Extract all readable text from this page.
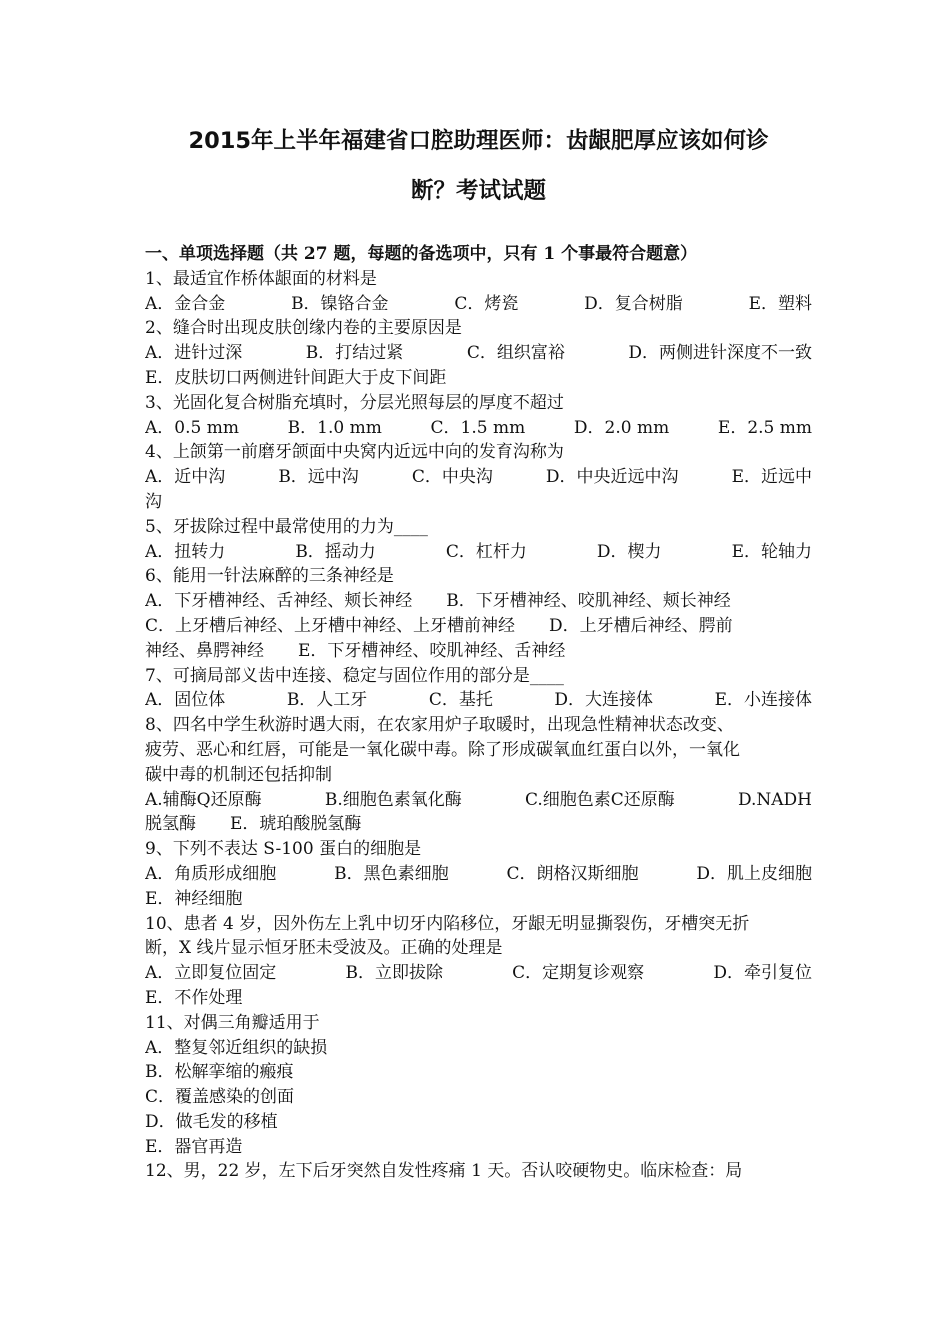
2015年上半年福建省口腔助理医师：齿龈肥厚应该如何诊
断？考试试题
一、单项选择题（共 27 题，每题的备选项中，只有 1 个事最符合题意）
1、最适宜作桥体龈面的材料是
A．金合金	B．镍铬合金	C．烤瓷	D．复合树脂	E．塑料
2、缝合时出现皮肤创缘内卷的主要原因是
A．进针过深	B．打结过紧	C．组织富裕	D．两侧进针深度不一致
E．皮肤切口两侧进针间距大于皮下间距
3、光固化复合树脂充填时，分层光照每层的厚度不超过
A．0.5 mm	B．1.0 mm	C．1.5 mm	D．2.0 mm	E．2.5 mm
4、上颌第一前磨牙颌面中央窝内近远中向的发育沟称为
A．近中沟	B．远中沟	C．中央沟	D．中央近远中沟	E．近远中
沟
5、牙拔除过程中最常使用的力为____
A．扭转力	B．摇动力	C．杠杆力	D．楔力	E．轮轴力
6、能用一针法麻醉的三条神经是
A．下牙槽神经、舌神经、颊长神经 B．下牙槽神经、咬肌神经、颊长神经
C．上牙槽后神经、上牙槽中神经、上牙槽前神经 D．上牙槽后神经、腭前
神经、鼻腭神经 E．下牙槽神经、咬肌神经、舌神经
7、可摘局部义齿中连接、稳定与固位作用的部分是____
A．固位体	B．人工牙	C．基托	D．大连接体	E．小连接体
8、四名中学生秋游时遇大雨，在农家用炉子取暖时，出现急性精神状态改变、
疲劳、恶心和红唇，可能是一氧化碳中毒。除了形成碳氧血红蛋白以外，一氧化
碳中毒的机制还包括抑制
A.辅酶Q还原酶	B.细胞色素氧化酶	C.细胞色素C还原酶	D.NADH
脱氢酶 E．琥珀酸脱氢酶
9、下列不表达 S-100 蛋白的细胞是
A．角质形成细胞	B．黑色素细胞	C．朗格汉斯细胞	D．肌上皮细胞
E．神经细胞
10、患者 4 岁，因外伤左上乳中切牙内陷移位，牙龈无明显撕裂伤，牙槽突无折
断，X 线片显示恒牙胚未受波及。正确的处理是
A．立即复位固定	B．立即拔除	C．定期复诊观察	D．牵引复位
E．不作处理
11、对偶三角瓣适用于
A．整复邻近组织的缺损
B．松解挛缩的瘢痕
C．覆盖感染的创面
D．做毛发的移植
E．器官再造
12、男，22 岁，左下后牙突然自发性疼痛 1 天。否认咬硬物史。临床检查：局
